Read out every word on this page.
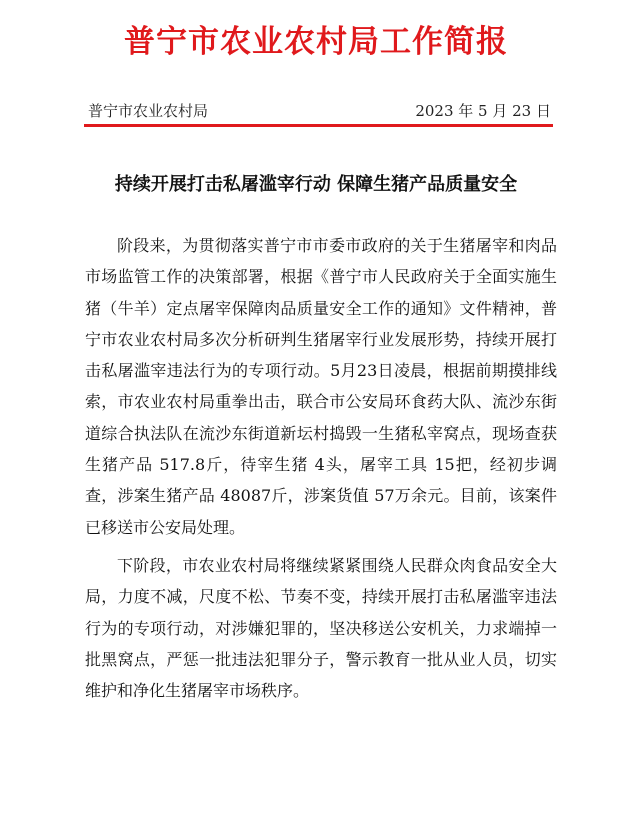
普宁市农业农村局工作简报
普宁市农业农村局	2023 年 5 月 23 日
持续开展打击私屠滥宰行动 保障生猪产品质量安全

阶段来，为贯彻落实普宁市市委市政府的关于生猪屠宰和肉品市场监管工作的决策部署，根据《普宁市人民政府关于全面实施生猪（牛羊）定点屠宰保障肉品质量安全工作的通知》文件精神，普宁市农业农村局多次分析研判生猪屠宰行业发展形势，持续开展打击私屠滥宰违法行为的专项行动。5月23日凌晨，根据前期摸排线索，市农业农村局重拳出击，联合市公安局环食药大队、流沙东街道综合执法队在流沙东街道新坛村捣毁一生猪私宰窝点，现场查获生猪产品 517.8斤，待宰生猪 4头，屠宰工具 15把，经初步调查，涉案生猪产品 48087斤，涉案货值 57万余元。目前，该案件已移送市公安局处理。

下阶段，市农业农村局将继续紧紧围绕人民群众肉食品安全大局，力度不减，尺度不松、节奏不变，持续开展打击私屠滥宰违法行为的专项行动，对涉嫌犯罪的，坚决移送公安机关，力求端掉一批黑窝点，严惩一批违法犯罪分子，警示教育一批从业人员，切实维护和净化生猪屠宰市场秩序。
